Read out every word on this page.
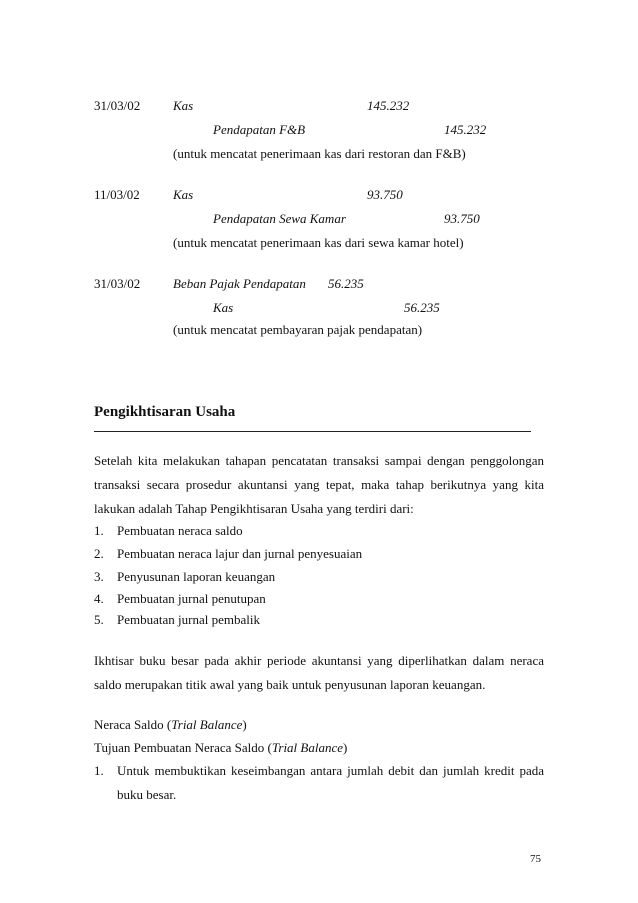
31/03/02	Kas	145.232
Pendapatan F&B	145.232
(untuk mencatat penerimaan kas dari restoran dan F&B)
11/03/02	Kas	93.750
Pendapatan Sewa Kamar	93.750
(untuk mencatat penerimaan kas dari sewa kamar hotel)
31/03/02	Beban Pajak Pendapatan 56.235
Kas	56.235
(untuk mencatat pembayaran pajak pendapatan)
Pengikhtisaran Usaha
Setelah kita melakukan tahapan pencatatan transaksi sampai dengan penggolongan
transaksi secara prosedur akuntansi yang tepat, maka tahap berikutnya yang kita
lakukan adalah Tahap Pengikhtisaran Usaha yang terdiri dari:
1. Pembuatan neraca saldo
2. Pembuatan neraca lajur dan jurnal penyesuaian
3. Penyusunan laporan keuangan
4. Pembuatan jurnal penutupan
5. Pembuatan jurnal pembalik
Ikhtisar buku besar pada akhir periode akuntansi yang diperlihatkan dalam neraca
saldo merupakan titik awal yang baik untuk penyusunan laporan keuangan.
Neraca Saldo (Trial Balance)
Tujuan Pembuatan Neraca Saldo (Trial Balance)
1. Untuk membuktikan keseimbangan antara jumlah debit dan jumlah kredit pada
buku besar.
75
